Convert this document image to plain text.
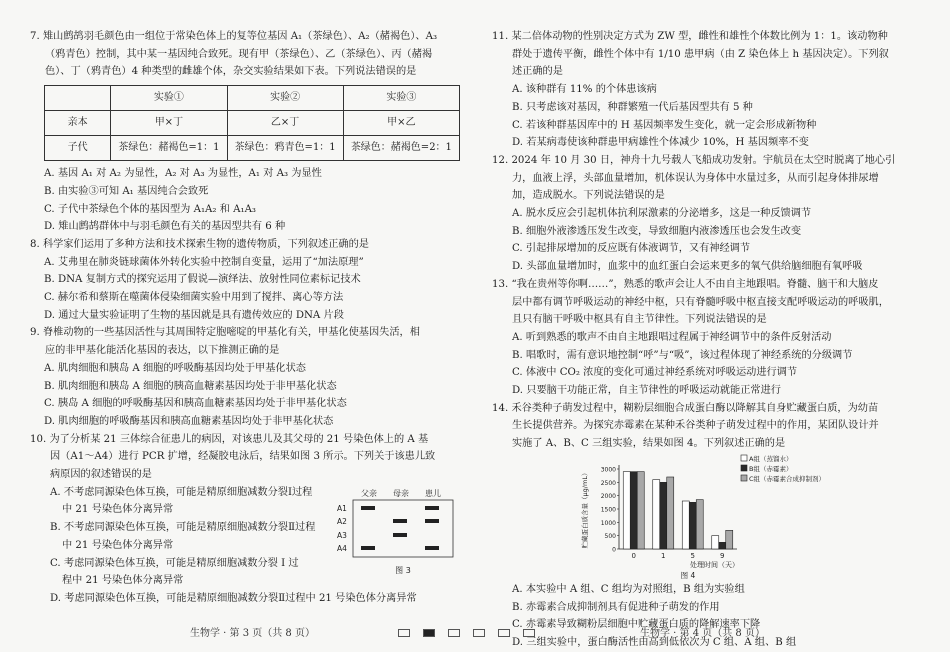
7. 雉山鹧鸪羽毛颜色由一组位于常染色体上的复等位基因 A₁（茶绿色）、A₂（赭褐色）、A₃

（鸦青色）控制，其中某一基因纯合致死。现有甲（茶绿色）、乙（茶绿色）、丙（赭褐

色）、丁（鸦青色）4 种类型的雌雄个体，杂交实验结果如下表。下列说法错误的是

	实验①	实验②	实验③
亲本	甲×丁	乙×丁	甲×乙
子代	茶绿色：赭褐色=1：1	茶绿色：鸦青色=1：1	茶绿色：赭褐色=2：1

A. 基因 A₁ 对 A₂ 为显性，A₂ 对 A₃ 为显性，A₁ 对 A₃ 为显性

B. 由实验③可知 A₁ 基因纯合会致死

C. 子代中茶绿色个体的基因型为 A₁A₂ 和 A₁A₃

D. 雉山鹧鸪群体中与羽毛颜色有关的基因型共有 6 种

8. 科学家们运用了多种方法和技术探索生物的遗传物质，下列叙述正确的是

A. 艾弗里在肺炎链球菌体外转化实验中控制自变量，运用了“加法原理”

B. DNA 复制方式的探究运用了假说—演绎法、放射性同位素标记技术

C. 赫尔希和蔡斯在噬菌体侵染细菌实验中用到了搅拌、离心等方法

D. 通过大量实验证明了生物的基因就是具有遗传效应的 DNA 片段

9. 脊椎动物的一些基因活性与其周围特定胞嘧啶的甲基化有关，甲基化使基因失活，相

应的非甲基化能活化基因的表达，以下推测正确的是

A. 肌肉细胞和胰岛 A 细胞的呼吸酶基因均处于甲基化状态

B. 肌肉细胞和胰岛 A 细胞的胰高血糖素基因均处于非甲基化状态

C. 胰岛 A 细胞的呼吸酶基因和胰高血糖素基因均处于非甲基化状态

D. 肌肉细胞的呼吸酶基因和胰高血糖素基因均处于非甲基化状态

10. 为了分析某 21 三体综合征患儿的病因，对该患儿及其父母的 21 号染色体上的 A 基

因（A1～A4）进行 PCR 扩增，经凝胶电泳后，结果如图 3 所示。下列关于该患儿致

病原因的叙述错误的是

A. 不考虑同源染色体互换，可能是精原细胞减数分裂Ⅰ过程
中 21 号染色体分离异常

B. 不考虑同源染色体互换，可能是精原细胞减数分裂Ⅱ过程
中 21 号染色体分离异常

C. 考虑同源染色体互换，可能是精原细胞减数分裂 Ⅰ 过
程中 21 号染色体分离异常

D. 考虑同源染色体互换，可能是精原细胞减数分裂Ⅱ过程中 21 号染色体分离异常

父亲 母亲 患儿
A1
A2
A3
A4
图 3

11. 某二倍体动物的性别决定方式为 ZW 型，雌性和雄性个体数比例为 1：1。该动物种

群处于遗传平衡，雌性个体中有 1/10 患甲病（由 Z 染色体上 h 基因决定）。下列叙

述正确的是

A. 该种群有 11% 的个体患该病

B. 只考虑该对基因，种群繁殖一代后基因型共有 5 种

C. 若该种群基因库中的 H 基因频率发生变化，就一定会形成新物种

D. 若某病毒使该种群患甲病雄性个体减少 10%，H 基因频率不变

12. 2024 年 10 月 30 日，神舟十九号载人飞船成功发射。宇航员在太空时脱离了地心引

力，血液上浮，头部血量增加，机体误认为身体中水量过多，从而引起身体排尿增

加，造成脱水。下列说法错误的是

A. 脱水反应会引起机体抗利尿激素的分泌增多，这是一种反馈调节

B. 细胞外液渗透压发生改变，导致细胞内液渗透压也会发生改变

C. 引起排尿增加的反应既有体液调节，又有神经调节

D. 头部血量增加时，血浆中的血红蛋白会运来更多的氧气供给脑细胞有氧呼吸

13. “我在贵州等你啊……”，熟悉的歌声会让人不由自主地跟唱。脊髓、脑干和大脑皮

层中都有调节呼吸运动的神经中枢，只有脊髓呼吸中枢直接支配呼吸运动的呼吸肌，

且只有脑干呼吸中枢具有自主节律性。下列说法错误的是

A. 听到熟悉的歌声不由自主地跟唱过程属于神经调节中的条件反射活动

B. 唱歌时，需有意识地控制“呼”与“吸”，该过程体现了神经系统的分级调节

C. 体液中 CO₂ 浓度的变化可通过神经系统对呼吸运动进行调节

D. 只要脑干功能正常，自主节律性的呼吸运动就能正常进行

14. 禾谷类种子萌发过程中，糊粉层细胞合成蛋白酶以降解其自身贮藏蛋白质，为幼苗

生长提供营养。为探究赤霉素在某种禾谷类种子萌发过程中的作用，某团队设计并

实施了 A、B、C 三组实验，结果如图 4。下列叙述正确的是

0
500
1000
1500
2000
2500
3000
贮藏蛋白质含量（μg/mL）
0	1	5	9
处理时间（天）
A组（蒸馏水）
B组（赤霉素）
C组（赤霉素合成抑制剂）
图 4

A. 本实验中 A 组、C 组均为对照组，B 组为实验组

B. 赤霉素合成抑制剂具有促进种子萌发的作用

C. 赤霉素导致糊粉层细胞中贮藏蛋白质的降解速率下降

D. 三组实验中，蛋白酶活性由高到低依次为 C 组、A 组、B 组

生物学 · 第 3 页（共 8 页）	生物学 · 第 4 页（共 8 页）
